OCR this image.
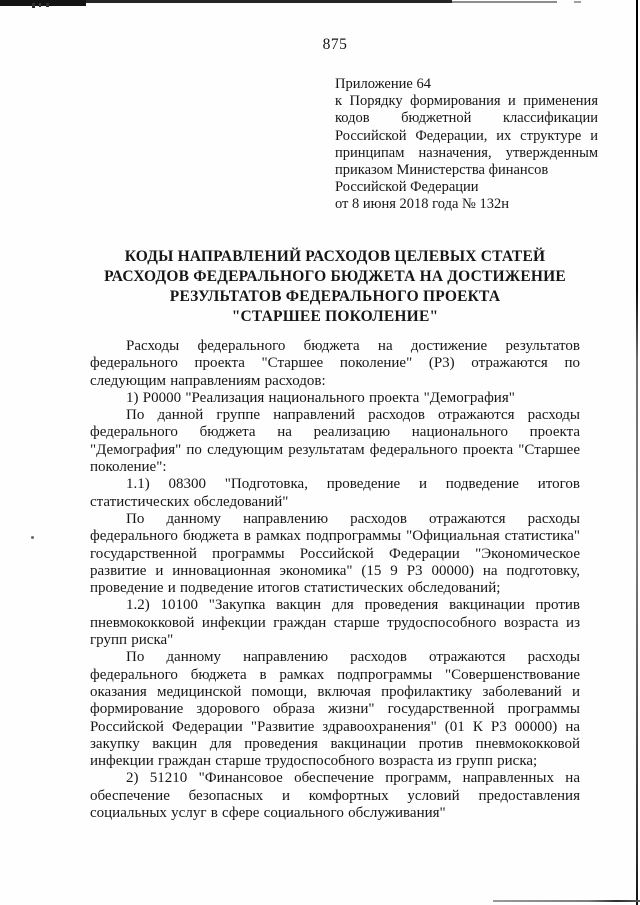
875
Приложение 64
к Порядку формирования и применения
кодов бюджетной классификации
Российской Федерации, их структуре и
принципам назначения, утвержденным
приказом Министерства финансов
Российской Федерации
от 8 июня 2018 года № 132н
КОДЫ НАПРАВЛЕНИЙ РАСХОДОВ ЦЕЛЕВЫХ СТАТЕЙ
РАСХОДОВ ФЕДЕРАЛЬНОГО БЮДЖЕТА НА ДОСТИЖЕНИЕ
РЕЗУЛЬТАТОВ ФЕДЕРАЛЬНОГО ПРОЕКТА
"СТАРШЕЕ ПОКОЛЕНИЕ"

Расходы федерального бюджета на достижение результатов федерального проекта "Старшее поколение" (Р3) отражаются по следующим направлениям расходов:

1) Р0000 "Реализация национального проекта "Демография"

По данной группе направлений расходов отражаются расходы федерального бюджета на реализацию национального проекта "Демография" по следующим результатам федерального проекта "Старшее поколение":

1.1) 08300 "Подготовка, проведение и подведение итогов статистических обследований"

По данному направлению расходов отражаются расходы федерального бюджета в рамках подпрограммы "Официальная статистика" государственной программы Российской Федерации "Экономическое развитие и инновационная экономика" (15 9 Р3 00000) на подготовку, проведение и подведение итогов статистических обследований;

1.2) 10100 "Закупка вакцин для проведения вакцинации против пневмококковой инфекции граждан старше трудоспособного возраста из групп риска"

По данному направлению расходов отражаются расходы федерального бюджета в рамках подпрограммы "Совершенствование оказания медицинской помощи, включая профилактику заболеваний и формирование здорового образа жизни" государственной программы Российской Федерации "Развитие здравоохранения" (01 К Р3 00000) на закупку вакцин для проведения вакцинации против пневмококковой инфекции граждан старше трудоспособного возраста из групп риска;

2) 51210 "Финансовое обеспечение программ, направленных на обеспечение безопасных и комфортных условий предоставления социальных услуг в сфере социального обслуживания"
